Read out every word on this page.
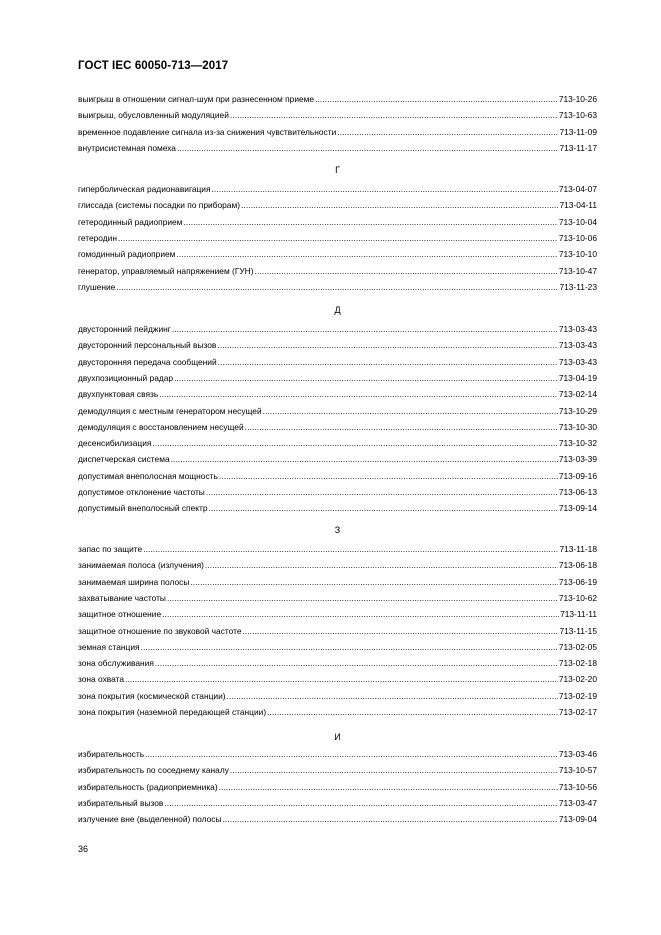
ГОСТ IEC 60050-713—2017
выигрыш в отношении сигнал-шум при разнесенном приеме .....	713-10-26
выигрыш, обусловленный модуляцией .....	713-10-63
временное подавление сигнала из-за снижения чувствительности .....	713-11-09
внутрисистемная помеха .....	713-11-17
Г
гиперболическая радионавигация .....	713-04-07
глиссада (системы посадки по приборам) .....	713-04-11
гетеродинный радиоприем .....	713-10-04
гетеродин .....	713-10-06
гомодинный радиоприем .....	713-10-10
генератор, управляемый напряжением (ГУН) .....	713-10-47
глушение .....	713-11-23
Д
двусторонний пейджинг .....	713-03-43
двусторонний персональный вызов .....	713-03-43
двусторонняя передача сообщений .....	713-03-43
двухпозиционный радар .....	713-04-19
двухпунктовая связь .....	713-02-14
демодуляция с местным генератором несущей .....	713-10-29
демодуляция с восстановлением несущей .....	713-10-30
десенсибилизация .....	713-10-32
диспетчерская система .....	713-03-39
допустимая внеполосная мощность .....	713-09-16
допустимое отклонение частоты .....	713-06-13
допустимый внеполосный спектр .....	713-09-14
З
запас по защите .....	713-11-18
занимаемая полоса (излучения) .....	713-06-18
занимаемая ширина полосы .....	713-06-19
захватывание частоты .....	713-10-62
защитное отношение .....	713-11-11
защитное отношение по звуковой частоте .....	713-11-15
земная станция .....	713-02-05
зона обслуживания .....	713-02-18
зона охвата .....	713-02-20
зона покрытия (космической станции) .....	713-02-19
зона покрытия (наземной передающей станции) .....	713-02-17
И
избирательность .....	713-03-46
избирательность по соседнему каналу .....	713-10-57
избирательность (радиоприемника) .....	713-10-56
избирательный вызов .....	713-03-47
излучение вне (выделенной) полосы .....	713-09-04
36
